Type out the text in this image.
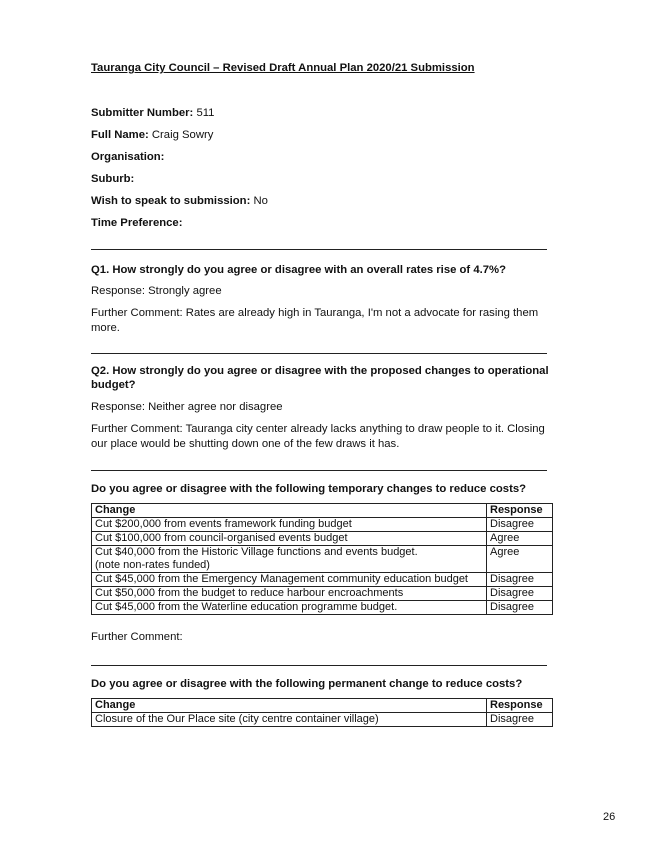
Tauranga City Council – Revised Draft Annual Plan 2020/21 Submission
Submitter Number: 511
Full Name: Craig Sowry
Organisation:
Suburb:
Wish to speak to submission: No
Time Preference:
Q1. How strongly do you agree or disagree with an overall rates rise of 4.7%?
Response: Strongly agree
Further Comment: Rates are already high in Tauranga, I'm not a advocate for rasing them more.
Q2. How strongly do you agree or disagree with the proposed changes to operational budget?
Response: Neither agree nor disagree
Further Comment: Tauranga city center already lacks anything to draw people to it. Closing our place would be shutting down one of the few draws it has.
Do you agree or disagree with the following temporary changes to reduce costs?
Change	Response
Cut $200,000 from events framework funding budget	Disagree
Cut $100,000 from council-organised events budget	Agree

Cut $40,000 from the Historic Village functions and events budget.
(note non-rates funded)	Agree
Cut $45,000 from the Emergency Management community education budget	Disagree
Cut $50,000 from the budget to reduce harbour encroachments	Disagree
Cut $45,000 from the Waterline education programme budget.	Disagree
Further Comment:
Do you agree or disagree with the following permanent change to reduce costs?
Change	Response
Closure of the Our Place site (city centre container village)	Disagree
26
